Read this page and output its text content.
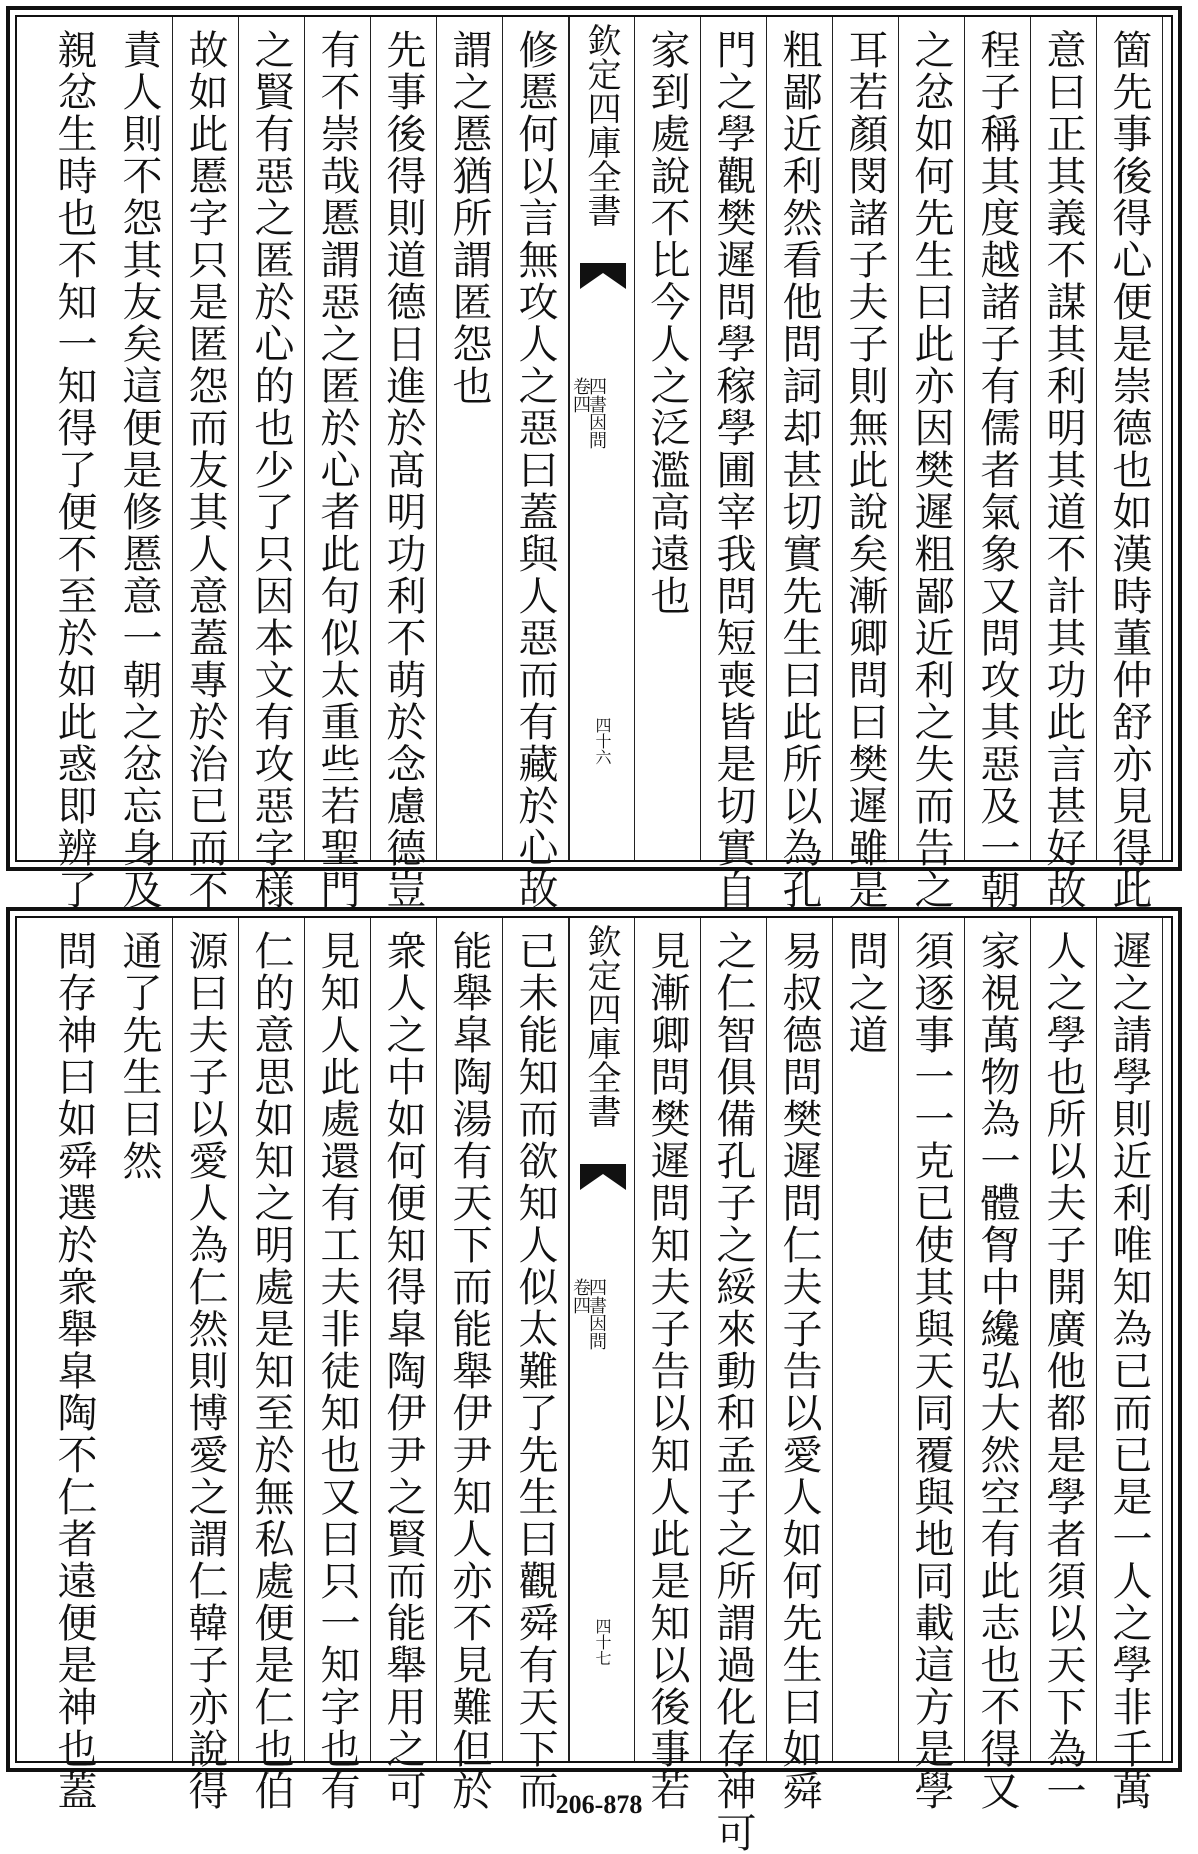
箇先事後得心便是崇德也如漢時董仲舒亦見得此
意曰正其義不謀其利明其道不計其功此言甚好故
程子稱其度越諸子有儒者氣象又問攻其惡及一朝
之忿如何先生曰此亦因樊遲粗鄙近利之失而告之
耳若顏閔諸子夫子則無此說矣漸卿問曰樊遲雖是
粗鄙近利然看他問詞却甚切實先生曰此所以為孔
門之學觀樊遲問學稼學圃宰我問短喪皆是切實自
家到處說不比今人之泛濫高遠也
欽定四庫全書
四書因問
卷四
四十六
修慝何以言無攻人之惡曰蓋與人惡而有藏於心故
謂之慝猶所謂匿怨也
先事後得則道德日進於髙明功利不萌於念慮德豈
有不崇哉慝謂惡之匿於心者此句似太重些若聖門
之賢有惡之匿於心的也少了只因本文有攻惡字様
故如此慝字只是匿怨而友其人意蓋專於治已而不
責人則不怨其友矣這便是修慝意一朝之忿忘身及
親忿生時也不知一知得了便不至於如此惑即辨了
遲之請學則近利唯知為已而已是一人之學非千萬
人之學也所以夫子開廣他都是學者須以天下為一
家視萬物為一體胷中纔弘大然空有此志也不得又
須逐事一一克已使其與天同覆與地同載這方是學
問之道
易叔德問樊遲問仁夫子告以愛人如何先生曰如舜
之仁智俱備孔子之綏來動和孟子之所謂過化存神可
見漸卿問樊遲問知夫子告以知人此是知以後事若
欽定四庫全書
四書因問
卷四
四十七
已未能知而欲知人似太難了先生曰觀舜有天下而
能舉皐陶湯有天下而能舉伊尹知人亦不見難但於
衆人之中如何便知得皐陶伊尹之賢而能舉用之可
見知人此處還有工夫非徒知也又曰只一知字也有
仁的意思如知之明處是知至於無私處便是仁也伯
源曰夫子以愛人為仁然則博愛之謂仁韓子亦說得
通了先生曰然
問存神曰如舜選於衆舉皐陶不仁者遠便是神也蓋	206-878
